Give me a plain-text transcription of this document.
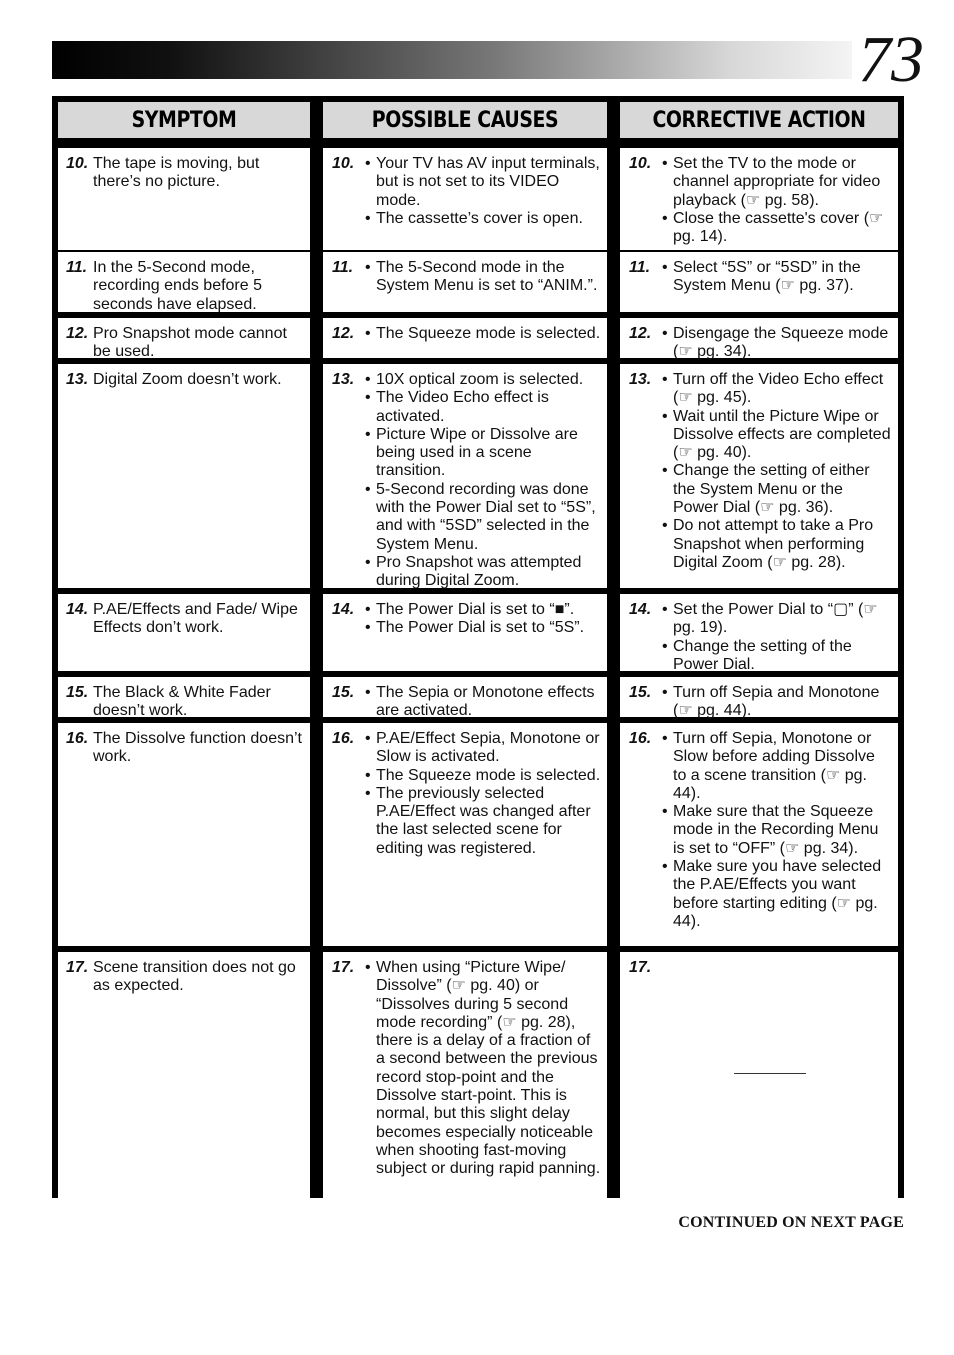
73
SYMPTOM
10. The tape is moving, but there’s no picture.
11. In the 5-Second mode, recording ends before 5 seconds have elapsed.
12. Pro Snapshot mode cannot be used.
13. Digital Zoom doesn’t work.
14. P.AE/Effects and Fade/ Wipe Effects don’t work.
15. The Black & White Fader doesn’t work.
16. The Dissolve function doesn’t work.
17. Scene transition does not go as expected.
POSSIBLE CAUSES
10. • Your TV has AV input terminals, but is not set to its VIDEO mode.
• The cassette’s cover is open.
11. • The 5-Second mode in the System Menu is set to “ANIM.”.
12. • The Squeeze mode is selected.
13. • 10X optical zoom is selected.
• The Video Echo effect is activated.
• Picture Wipe or Dissolve are being used in a scene transition.
• 5-Second recording was done with the Power Dial set to “5S”, and with “5SD” selected in the System Menu.
• Pro Snapshot was attempted during Digital Zoom.
14. • The Power Dial is set to “■”.
• The Power Dial is set to “5S”.
15. • The Sepia or Monotone effects are activated.
16. • P.AE/Effect Sepia, Monotone or Slow is activated.
• The Squeeze mode is selected.
• The previously selected P.AE/Effect was changed after the last selected scene for editing was registered.
17. • When using “Picture Wipe/ Dissolve” (☞ pg. 40) or “Dissolves during 5 second mode recording” (☞ pg. 28), there is a delay of a fraction of a second between the previous record stop-point and the Dissolve start-point. This is normal, but this slight delay becomes especially noticeable when shooting fast-moving subject or during rapid panning.
CORRECTIVE ACTION
10. • Set the TV to the mode or channel appropriate for video playback (☞ pg. 58).
• Close the cassette's cover (☞ pg. 14).
11. • Select “5S” or “5SD” in the System Menu (☞ pg. 37).
12. • Disengage the Squeeze mode (☞ pg. 34).
13. • Turn off the Video Echo effect (☞ pg. 45).
• Wait until the Picture Wipe or Dissolve effects are completed (☞ pg. 40).
• Change the setting of either the System Menu or the Power Dial (☞ pg. 36).
• Do not attempt to take a Pro Snapshot when performing Digital Zoom (☞ pg. 28).
14. • Set the Power Dial to “▢” (☞ pg. 19).
• Change the setting of the Power Dial.
15. • Turn off Sepia and Monotone (☞ pg. 44).
16. • Turn off Sepia, Monotone or Slow before adding Dissolve to a scene transition (☞ pg. 44).
• Make sure that the Squeeze mode in the Recording Menu is set to “OFF” (☞ pg. 34).
• Make sure you have selected the P.AE/Effects you want before starting editing (☞ pg. 44).
17.
CONTINUED ON NEXT PAGE
